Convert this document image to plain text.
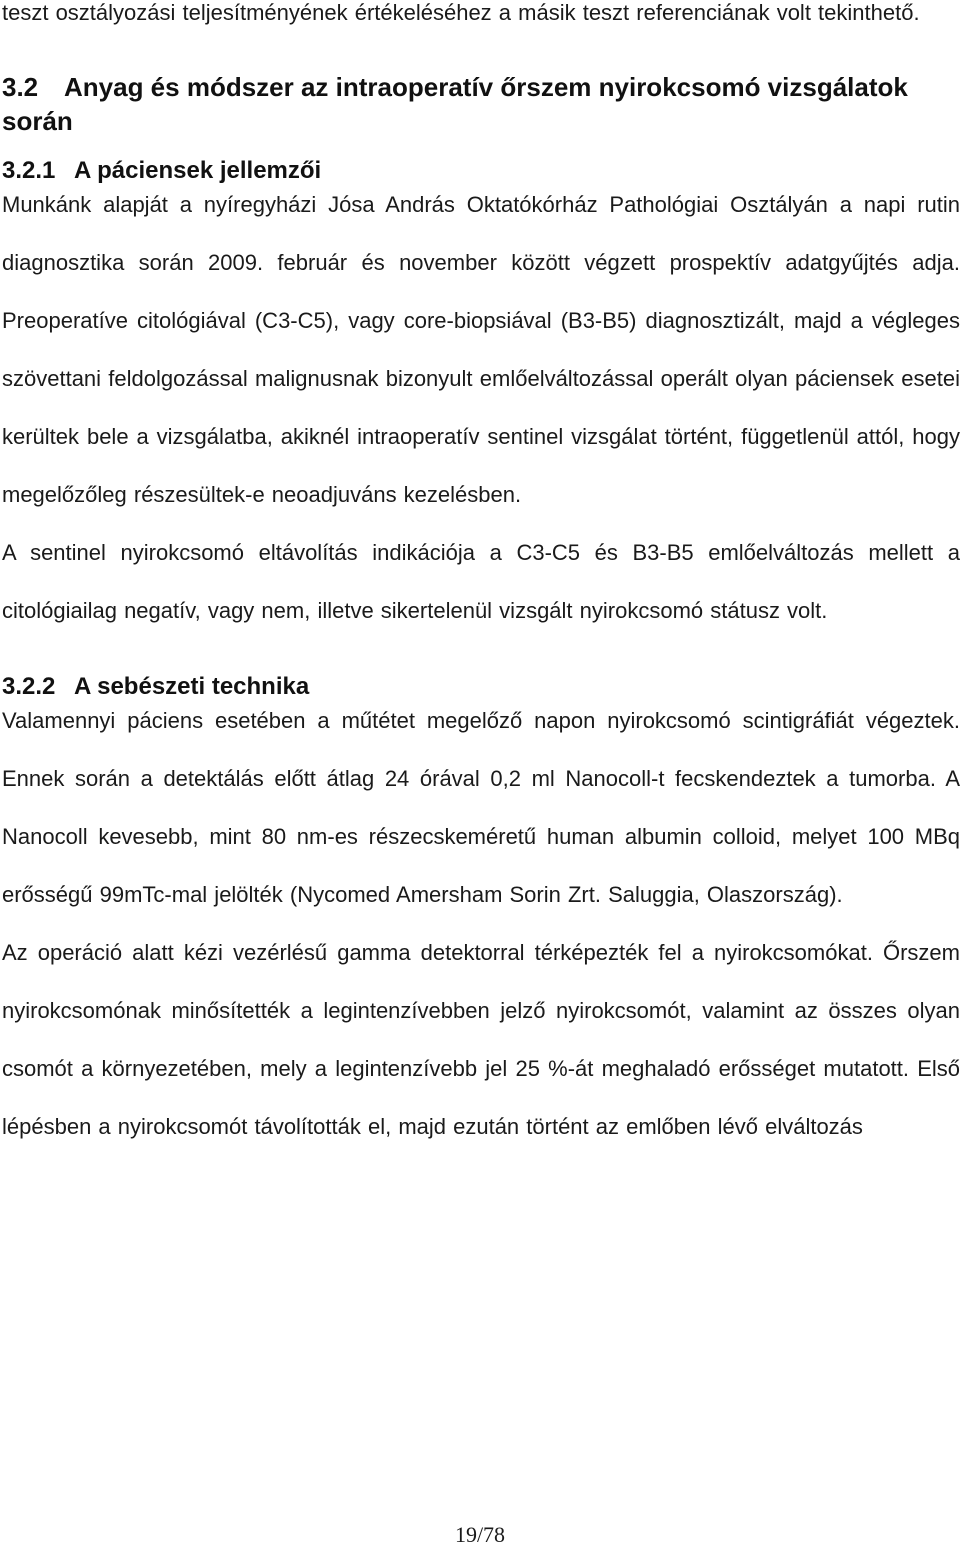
teszt osztályozási teljesítményének értékeléséhez a másik teszt referenciának volt tekinthető.

3.2 Anyag és módszer az intraoperatív őrszem nyirokcsomó vizsgálatok során
3.2.1 A páciensek jellemzői

Munkánk alapját a nyíregyházi Jósa András Oktatókórház Pathológiai Osztályán a napi rutin diagnosztika során 2009. február és november között végzett prospektív adatgyűjtés adja. Preoperatíve citológiával (C3-C5), vagy core-biopsiával (B3-B5) diagnosztizált, majd a végleges szövettani feldolgozással malignusnak bizonyult emlőelváltozással operált olyan páciensek esetei kerültek bele a vizsgálatba, akiknél intraoperatív sentinel vizsgálat történt, függetlenül attól, hogy megelőzőleg részesültek-e neoadjuváns kezelésben.

A sentinel nyirokcsomó eltávolítás indikációja a C3-C5 és B3-B5 emlőelváltozás mellett a citológiailag negatív, vagy nem, illetve sikertelenül vizsgált nyirokcsomó státusz volt.

3.2.2 A sebészeti technika

Valamennyi páciens esetében a műtétet megelőző napon nyirokcsomó scintigráfiát végeztek. Ennek során a detektálás előtt átlag 24 órával 0,2 ml Nanocoll-t fecskendeztek a tumorba. A Nanocoll kevesebb, mint 80 nm-es részecskeméretű human albumin colloid, melyet 100 MBq erősségű 99mTc-mal jelölték (Nycomed Amersham Sorin Zrt. Saluggia, Olaszország).

Az operáció alatt kézi vezérlésű gamma detektorral térképezték fel a nyirokcsomókat. Őrszem nyirokcsomónak minősítették a legintenzívebben jelző nyirokcsomót, valamint az összes olyan csomót a környezetében, mely a legintenzívebb jel 25 %-át meghaladó erősséget mutatott. Első lépésben a nyirokcsomót távolították el, majd ezután történt az emlőben lévő elváltozás

19/78
